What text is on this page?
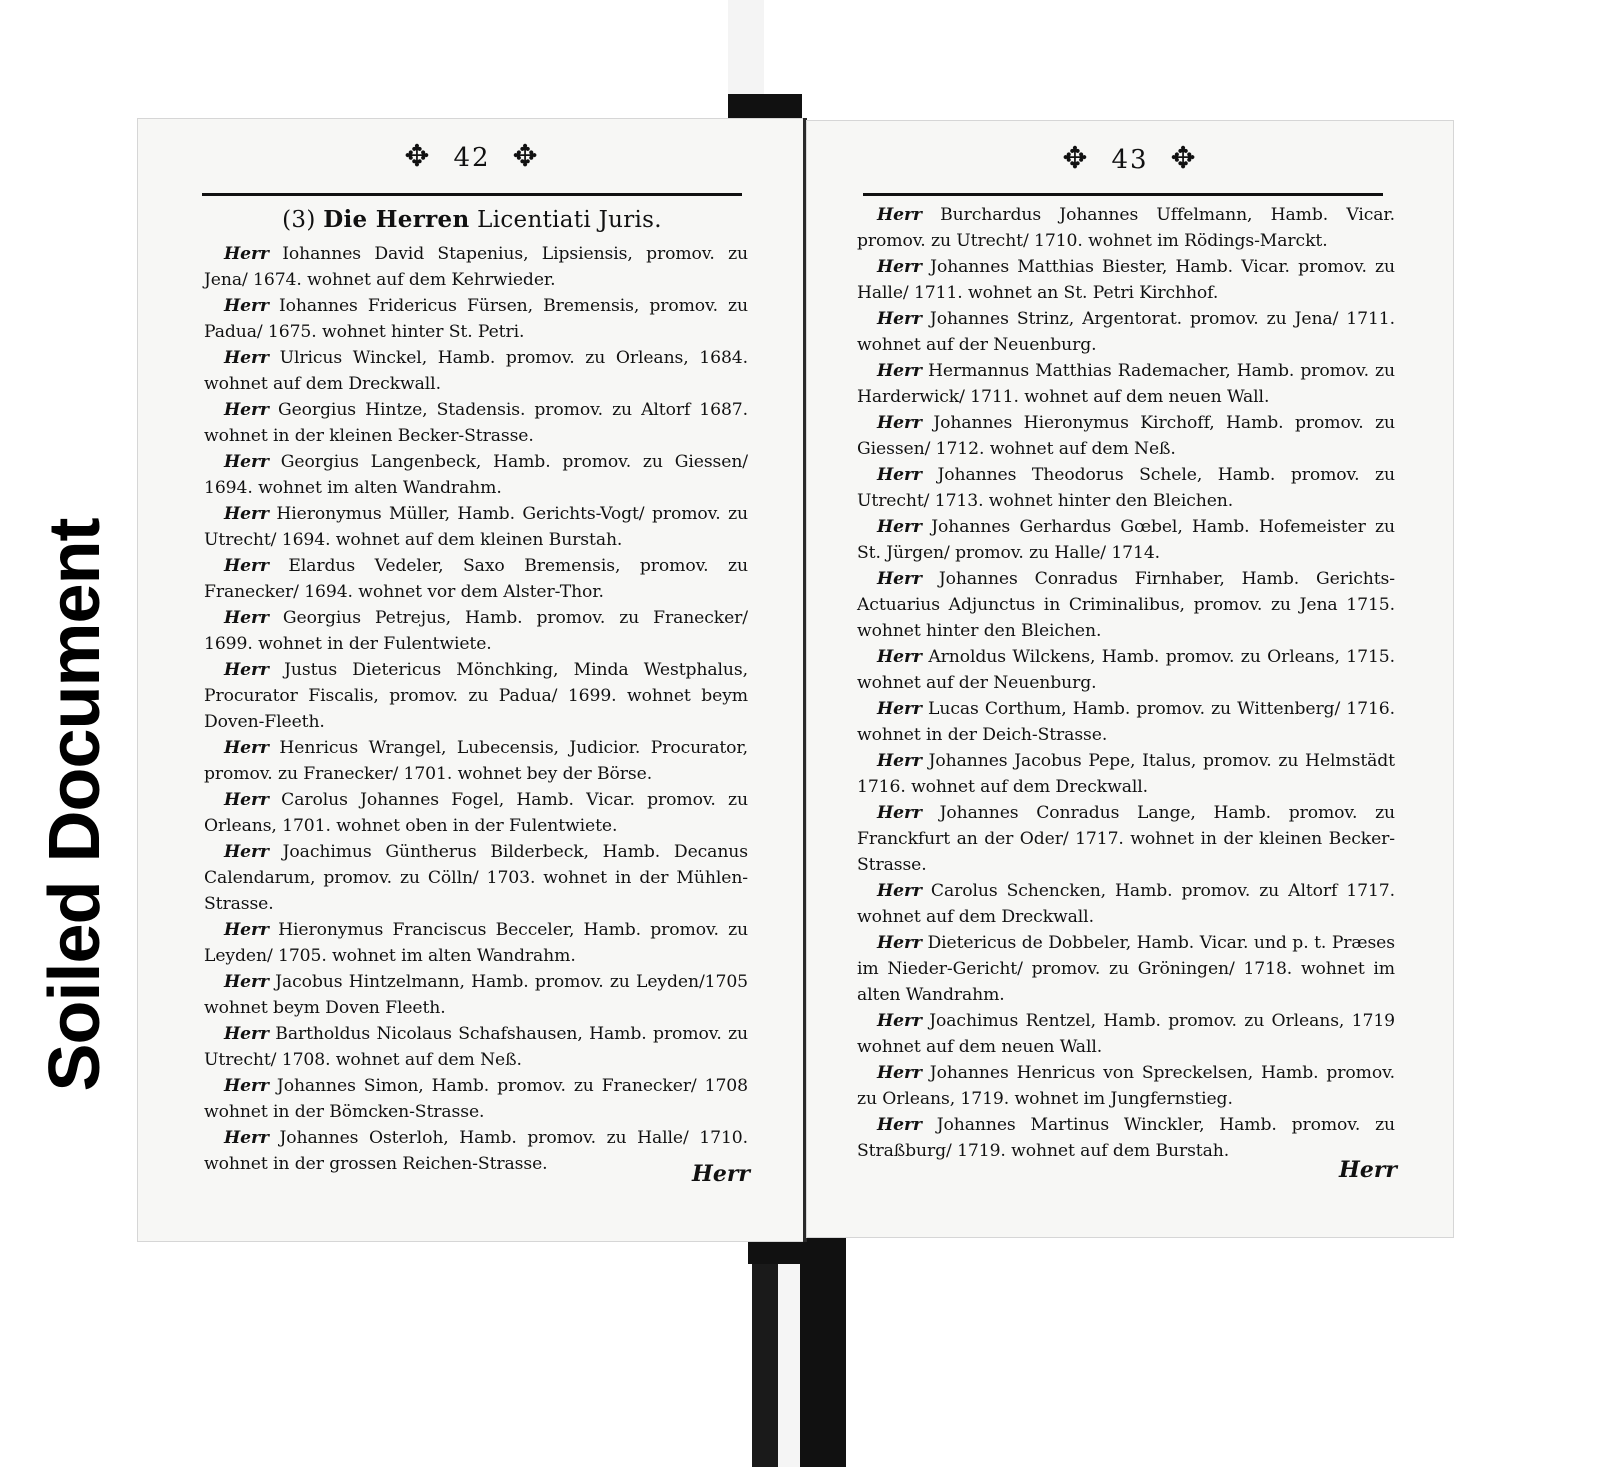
Soiled Document
✥ 42 ✥
(3) Die Herren Licentiati Juris.
Herr Iohannes David Stapenius, Lipsiensis, promov. zu Jena/ 1674. wohnet auf dem Kehrwieder.
Herr Iohannes Fridericus Fürsen, Bremensis, promov. zu Padua/ 1675. wohnet hinter St. Petri.
Herr Ulricus Winckel, Hamb. promov. zu Orleans, 1684. wohnet auf dem Dreckwall.
Herr Georgius Hintze, Stadensis. promov. zu Altorf 1687. wohnet in der kleinen Becker-Strasse.
Herr Georgius Langenbeck, Hamb. promov. zu Giessen/ 1694. wohnet im alten Wandrahm.
Herr Hieronymus Müller, Hamb. Gerichts-Vogt/ promov. zu Utrecht/ 1694. wohnet auf dem kleinen Burstah.
Herr Elardus Vedeler, Saxo Bremensis, promov. zu Franecker/ 1694. wohnet vor dem Alster-Thor.
Herr Georgius Petrejus, Hamb. promov. zu Franecker/ 1699. wohnet in der Fulentwiete.
Herr Justus Dietericus Mönchking, Minda Westphalus, Procurator Fiscalis, promov. zu Padua/ 1699. wohnet beym Doven-Fleeth.
Herr Henricus Wrangel, Lubecensis, Judicior. Procurator, promov. zu Franecker/ 1701. wohnet bey der Börse.
Herr Carolus Johannes Fogel, Hamb. Vicar. promov. zu Orleans, 1701. wohnet oben in der Fulentwiete.
Herr Joachimus Güntherus Bilderbeck, Hamb. Decanus Calendarum, promov. zu Cölln/ 1703. wohnet in der Mühlen-Strasse.
Herr Hieronymus Franciscus Becceler, Hamb. promov. zu Leyden/ 1705. wohnet im alten Wandrahm.
Herr Jacobus Hintzelmann, Hamb. promov. zu Leyden/1705 wohnet beym Doven Fleeth.
Herr Bartholdus Nicolaus Schafshausen, Hamb. promov. zu Utrecht/ 1708. wohnet auf dem Neß.
Herr Johannes Simon, Hamb. promov. zu Franecker/ 1708 wohnet in der Bömcken-Strasse.
Herr Johannes Osterloh, Hamb. promov. zu Halle/ 1710. wohnet in der grossen Reichen-Strasse.	Herr
✥ 43 ✥
Herr Burchardus Johannes Uffelmann, Hamb. Vicar. promov. zu Utrecht/ 1710. wohnet im Rödings-Marckt.
Herr Johannes Matthias Biester, Hamb. Vicar. promov. zu Halle/ 1711. wohnet an St. Petri Kirchhof.
Herr Johannes Strinz, Argentorat. promov. zu Jena/ 1711. wohnet auf der Neuenburg.
Herr Hermannus Matthias Rademacher, Hamb. promov. zu Harderwick/ 1711. wohnet auf dem neuen Wall.
Herr Johannes Hieronymus Kirchoff, Hamb. promov. zu Giessen/ 1712. wohnet auf dem Neß.
Herr Johannes Theodorus Schele, Hamb. promov. zu Utrecht/ 1713. wohnet hinter den Bleichen.
Herr Johannes Gerhardus Gœbel, Hamb. Hofemeister zu St. Jürgen/ promov. zu Halle/ 1714.
Herr Johannes Conradus Firnhaber, Hamb. Gerichts-Actuarius Adjunctus in Criminalibus, promov. zu Jena 1715. wohnet hinter den Bleichen.
Herr Arnoldus Wilckens, Hamb. promov. zu Orleans, 1715. wohnet auf der Neuenburg.
Herr Lucas Corthum, Hamb. promov. zu Wittenberg/ 1716. wohnet in der Deich-Strasse.
Herr Johannes Jacobus Pepe, Italus, promov. zu Helmstädt 1716. wohnet auf dem Dreckwall.
Herr Johannes Conradus Lange, Hamb. promov. zu Franckfurt an der Oder/ 1717. wohnet in der kleinen Becker-Strasse.
Herr Carolus Schencken, Hamb. promov. zu Altorf 1717. wohnet auf dem Dreckwall.
Herr Dietericus de Dobbeler, Hamb. Vicar. und p. t. Præses im Nieder-Gericht/ promov. zu Gröningen/ 1718. wohnet im alten Wandrahm.
Herr Joachimus Rentzel, Hamb. promov. zu Orleans, 1719 wohnet auf dem neuen Wall.
Herr Johannes Henricus von Spreckelsen, Hamb. promov. zu Orleans, 1719. wohnet im Jungfernstieg.
Herr Johannes Martinus Winckler, Hamb. promov. zu Straßburg/ 1719. wohnet auf dem Burstah.
Herr
